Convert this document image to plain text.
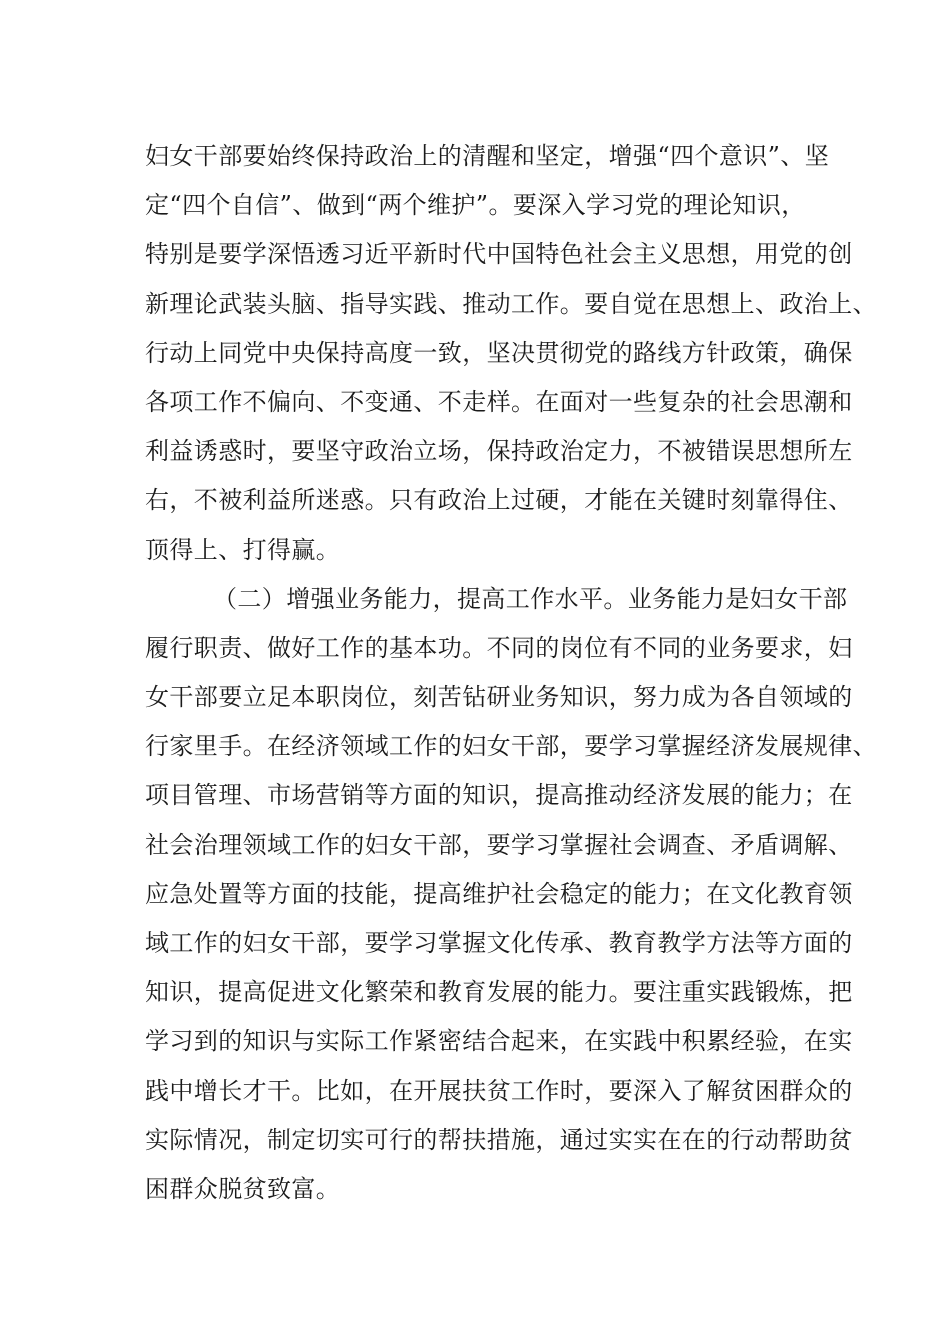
妇女干部要始终保持政治上的清醒和坚定，增强“四个意识”、坚
定“四个自信”、做到“两个维护”。要深入学习党的理论知识，
特别是要学深悟透习近平新时代中国特色社会主义思想，用党的创
新理论武装头脑、指导实践、推动工作。要自觉在思想上、政治上、
行动上同党中央保持高度一致，坚决贯彻党的路线方针政策，确保
各项工作不偏向、不变通、不走样。在面对一些复杂的社会思潮和
利益诱惑时，要坚守政治立场，保持政治定力，不被错误思想所左
右，不被利益所迷惑。只有政治上过硬，才能在关键时刻靠得住、
顶得上、打得赢。
（二）增强业务能力，提高工作水平。业务能力是妇女干部
履行职责、做好工作的基本功。不同的岗位有不同的业务要求，妇
女干部要立足本职岗位，刻苦钻研业务知识，努力成为各自领域的
行家里手。在经济领域工作的妇女干部，要学习掌握经济发展规律、
项目管理、市场营销等方面的知识，提高推动经济发展的能力；在
社会治理领域工作的妇女干部，要学习掌握社会调查、矛盾调解、
应急处置等方面的技能，提高维护社会稳定的能力；在文化教育领
域工作的妇女干部，要学习掌握文化传承、教育教学方法等方面的
知识，提高促进文化繁荣和教育发展的能力。要注重实践锻炼，把
学习到的知识与实际工作紧密结合起来，在实践中积累经验，在实
践中增长才干。比如，在开展扶贫工作时，要深入了解贫困群众的
实际情况，制定切实可行的帮扶措施，通过实实在在的行动帮助贫
困群众脱贫致富。
